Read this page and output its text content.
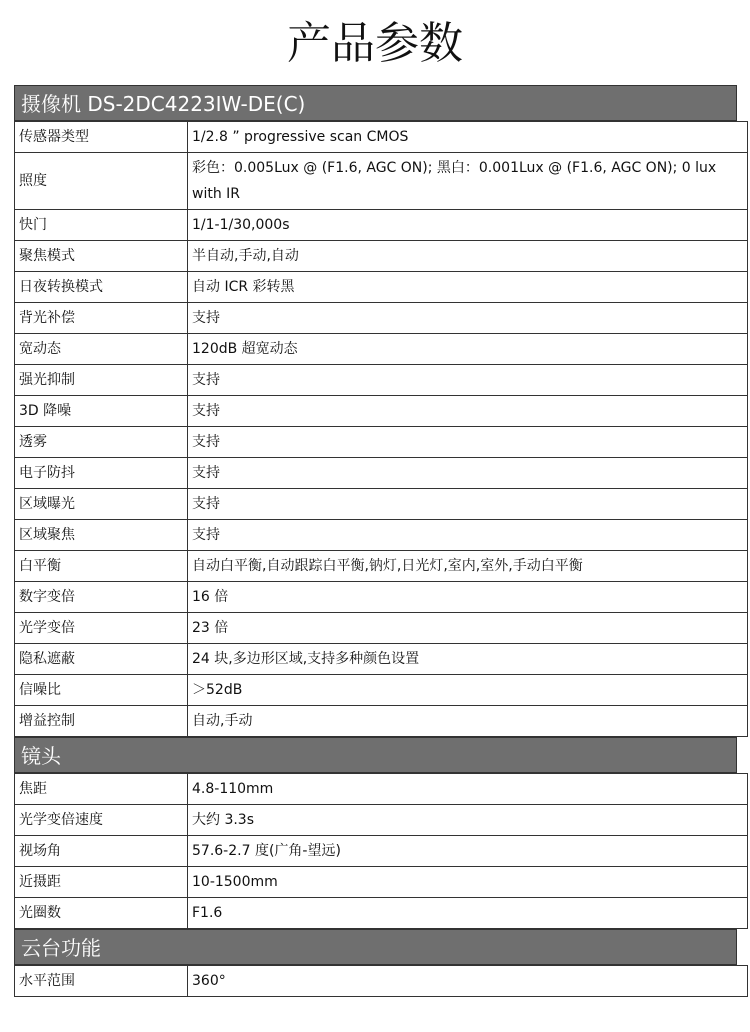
产品参数
摄像机 DS-2DC4223IW-DE(C)
传感器类型	1/2.8 ” progressive scan CMOS
照度	彩色：0.005Lux @ (F1.6, AGC ON); 黑白：0.001Lux @ (F1.6, AGC ON); 0 lux with IR
快门	1/1-1/30,000s
聚焦模式	半自动,手动,自动
日夜转换模式	自动 ICR 彩转黑
背光补偿	支持
宽动态	120dB 超宽动态
强光抑制	支持
3D 降噪	支持
透雾	支持
电子防抖	支持
区域曝光	支持
区域聚焦	支持
白平衡	自动白平衡,自动跟踪白平衡,钠灯,日光灯,室内,室外,手动白平衡
数字变倍	16 倍
光学变倍	23 倍
隐私遮蔽	24 块,多边形区域,支持多种颜色设置
信噪比	＞52dB
增益控制	自动,手动
镜头
焦距	4.8-110mm
光学变倍速度	大约 3.3s
视场角	57.6-2.7 度(广角-望远)
近摄距	10-1500mm
光圈数	F1.6
云台功能
水平范围	360°
